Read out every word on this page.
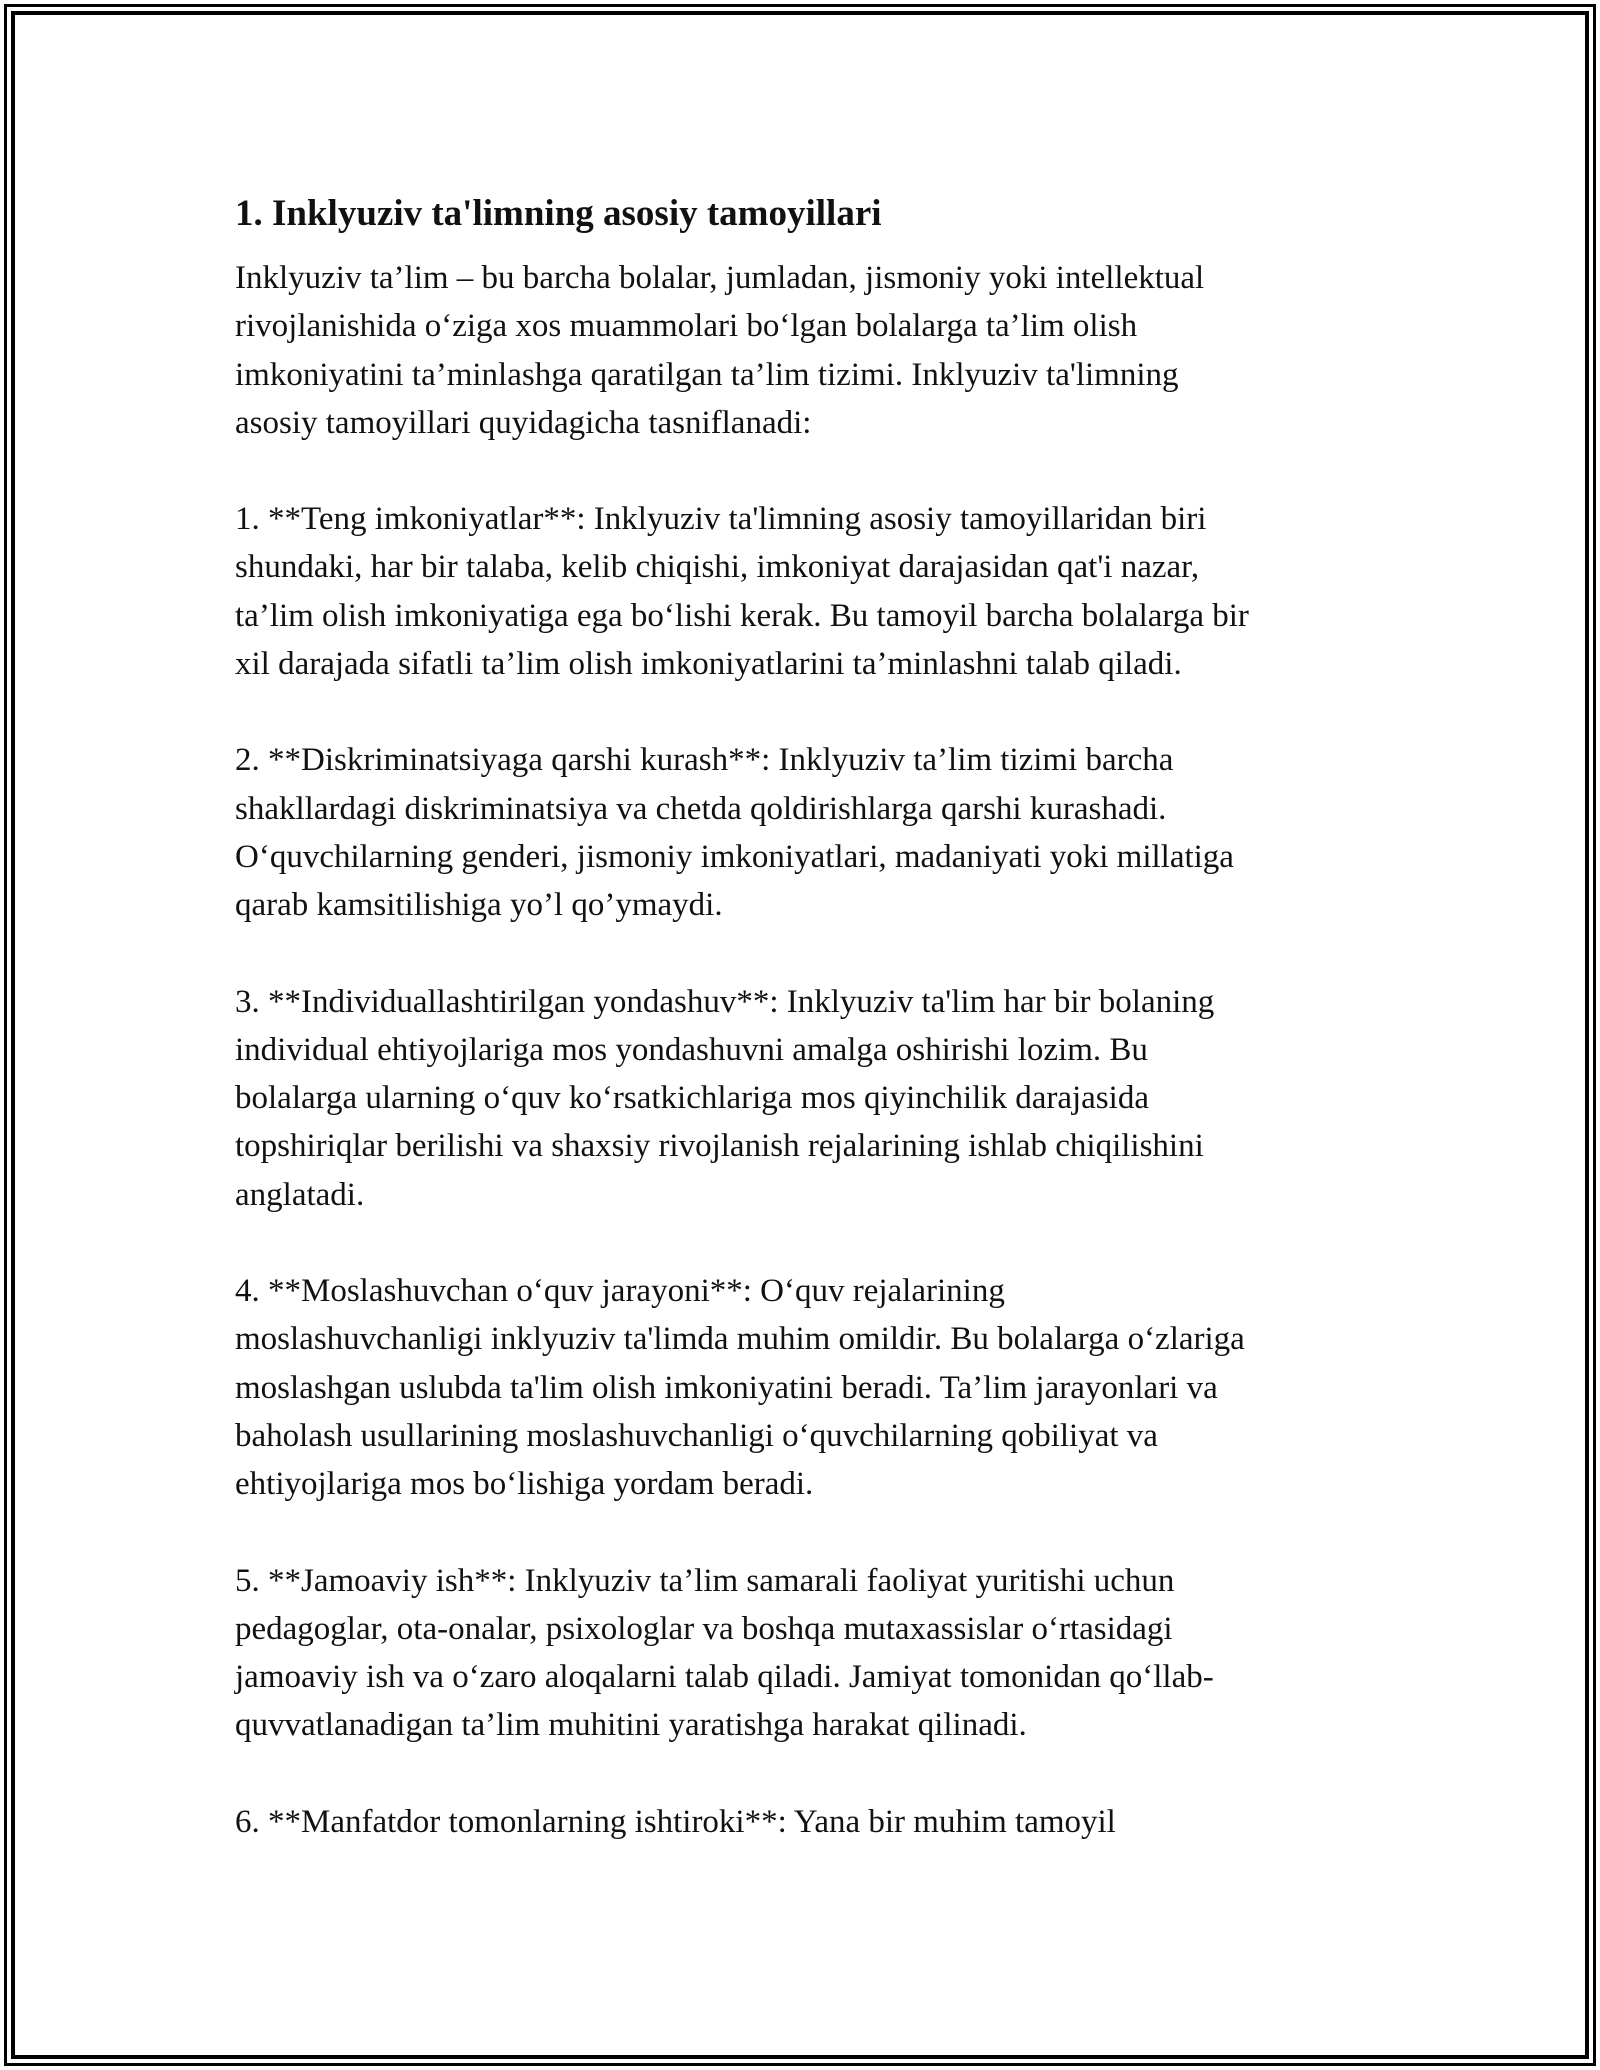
1. Inklyuziv ta'limning asosiy tamoyillari

Inklyuziv ta’lim – bu barcha bolalar, jumladan, jismoniy yoki intellektual
rivojlanishida o‘ziga xos muammolari bo‘lgan bolalarga ta’lim olish
imkoniyatini ta’minlashga qaratilgan ta’lim tizimi. Inklyuziv ta'limning
asosiy tamoyillari quyidagicha tasniflanadi:

1. **Teng imkoniyatlar**: Inklyuziv ta'limning asosiy tamoyillaridan biri
shundaki, har bir talaba, kelib chiqishi, imkoniyat darajasidan qat'i nazar,
ta’lim olish imkoniyatiga ega bo‘lishi kerak. Bu tamoyil barcha bolalarga bir
xil darajada sifatli ta’lim olish imkoniyatlarini ta’minlashni talab qiladi.

2. **Diskriminatsiyaga qarshi kurash**: Inklyuziv ta’lim tizimi barcha
shakllardagi diskriminatsiya va chetda qoldirishlarga qarshi kurashadi.
O‘quvchilarning genderi, jismoniy imkoniyatlari, madaniyati yoki millatiga
qarab kamsitilishiga yo’l qo’ymaydi.

3. **Individuallashtirilgan yondashuv**: Inklyuziv ta'lim har bir bolaning
individual ehtiyojlariga mos yondashuvni amalga oshirishi lozim. Bu
bolalarga ularning o‘quv ko‘rsatkichlariga mos qiyinchilik darajasida
topshiriqlar berilishi va shaxsiy rivojlanish rejalarining ishlab chiqilishini
anglatadi.

4. **Moslashuvchan o‘quv jarayoni**: O‘quv rejalarining
moslashuvchanligi inklyuziv ta'limda muhim omildir. Bu bolalarga o‘zlariga
moslashgan uslubda ta'lim olish imkoniyatini beradi. Ta’lim jarayonlari va
baholash usullarining moslashuvchanligi o‘quvchilarning qobiliyat va
ehtiyojlariga mos bo‘lishiga yordam beradi.

5. **Jamoaviy ish**: Inklyuziv ta’lim samarali faoliyat yuritishi uchun
pedagoglar, ota-onalar, psixologlar va boshqa mutaxassislar o‘rtasidagi
jamoaviy ish va o‘zaro aloqalarni talab qiladi. Jamiyat tomonidan qo‘llab-
quvvatlanadigan ta’lim muhitini yaratishga harakat qilinadi.

6. **Manfatdor tomonlarning ishtiroki**: Yana bir muhim tamoyil
